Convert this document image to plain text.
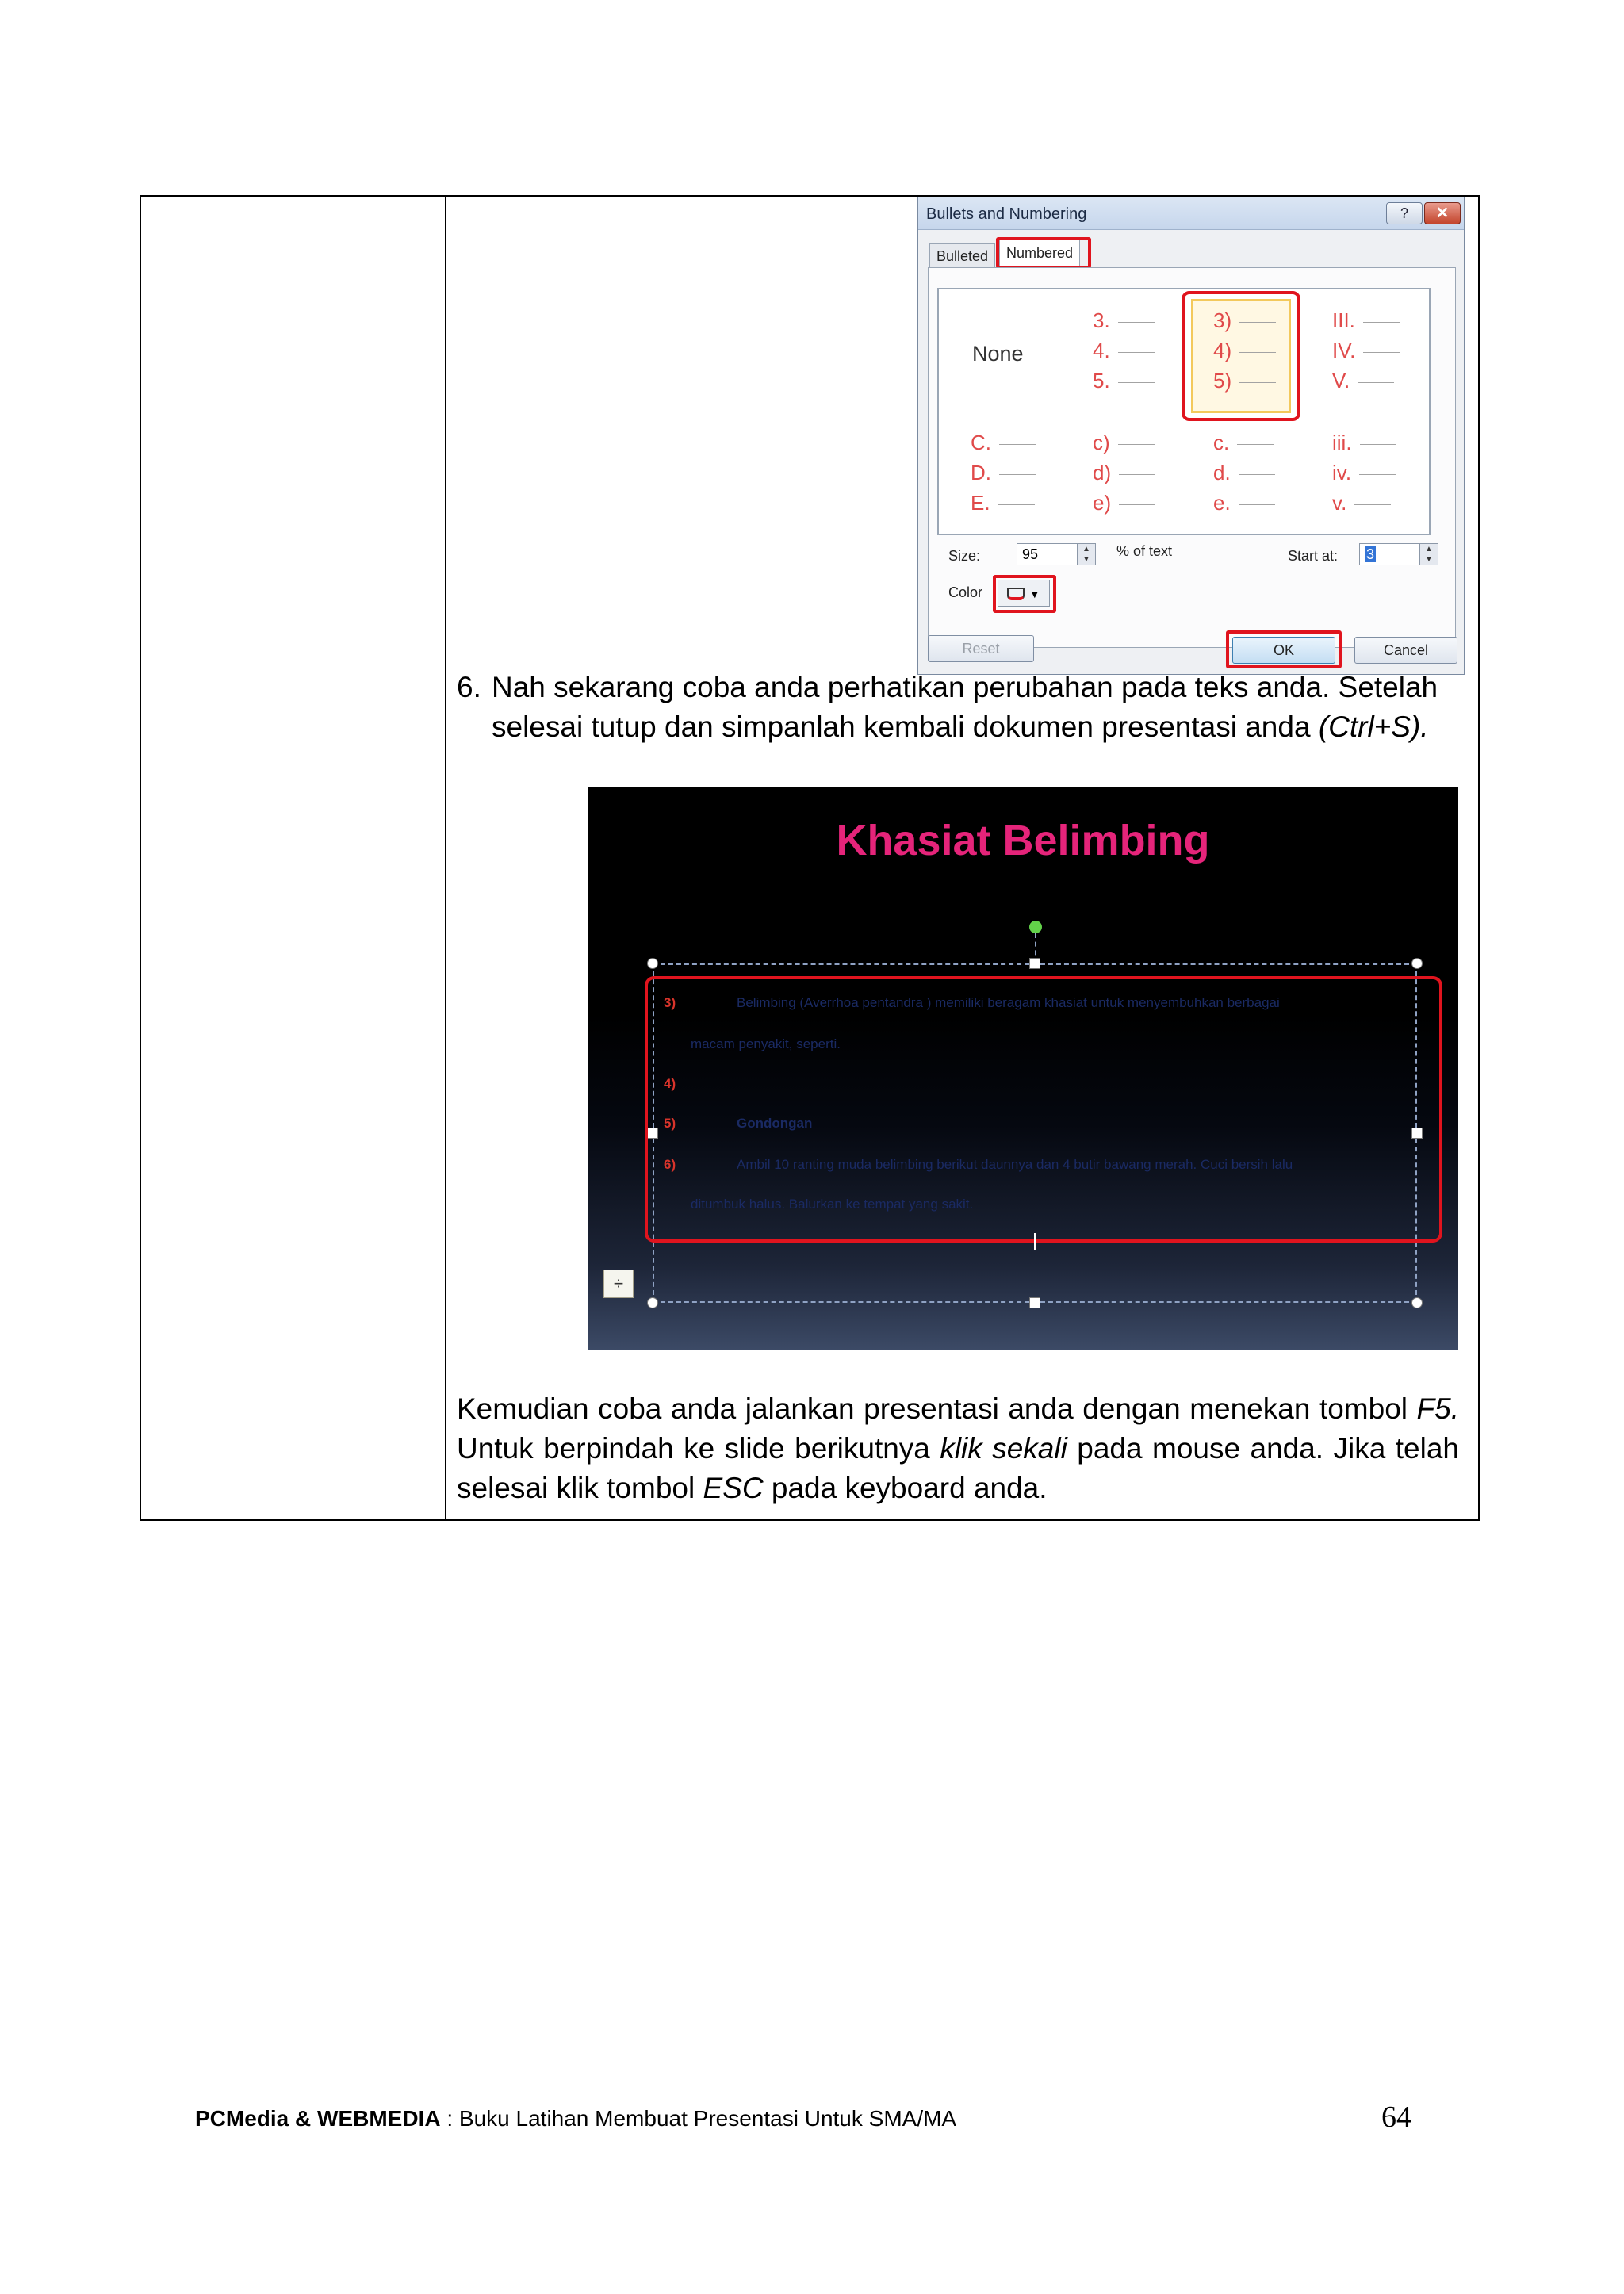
Bullets and Numbering	?	✕
Bulleted	Numbered
None
3.
4.
5.
3)
4)
5)
III.
IV.
V.
C.
D.
E.
c)
d)
e)
c.
d.
e.
iii.
iv.
v.
Size:	95	▲
▼
% of text	Start at:	3	▲
▼
Color	▼
Reset	OK	Cancel
6. Nah sekarang coba anda perhatikan perubahan pada teks anda. Setelah
selesai tutup dan simpanlah kembali dokumen presentasi anda (Ctrl+S).
Khasiat Belimbing
3)	Belimbing (Averrhoa pentandra ) memiliki beragam khasiat untuk menyembuhkan berbagai
macam penyakit, seperti.
4)
5)	Gondongan
6)	Ambil 10 ranting muda belimbing berikut daunnya dan 4 butir bawang merah. Cuci bersih lalu
ditumbuk halus. Balurkan ke tempat yang sakit.
÷
Kemudian coba anda jalankan presentasi anda dengan menekan tombol F5. Untuk berpindah ke slide berikutnya klik sekali pada mouse anda. Jika telah selesai klik tombol ESC pada keyboard anda.
PCMedia & WEBMEDIA : Buku Latihan Membuat Presentasi Untuk SMA/MA	64
